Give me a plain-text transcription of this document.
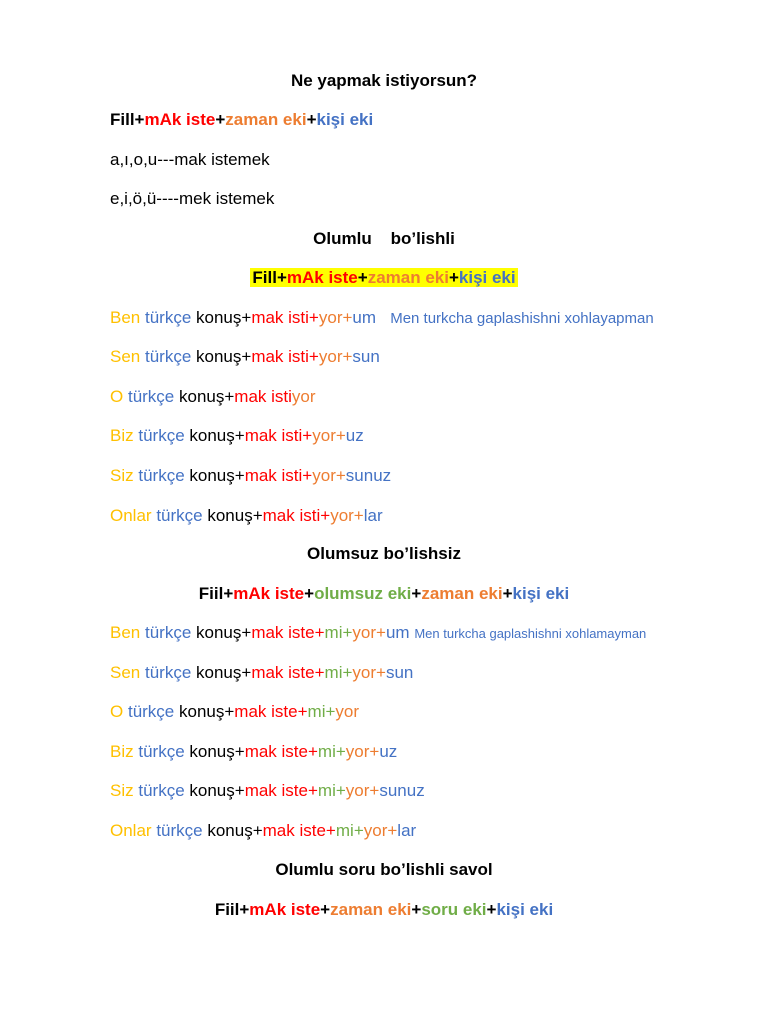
Ne yapmak istiyorsun?
Fill+mAk iste+zaman eki+kişi eki
a,ı,o,u---mak istemek
e,i,ö,ü----mek istemek
Olumlu    bo’lishli
Fill+mAk iste+zaman eki+kişi eki
Ben türkçe konuş+mak isti+yor+um Men turkcha gaplashishni xohlayapman
Sen türkçe konuş+mak isti+yor+sun
O türkçe konuş+mak istiyor
Biz türkçe konuş+mak isti+yor+uz
Siz türkçe konuş+mak isti+yor+sunuz
Onlar türkçe konuş+mak isti+yor+lar
Olumsuz bo’lishsiz
Fiil+mAk iste+olumsuz eki+zaman eki+kişi eki
Ben türkçe konuş+mak iste+mi+yor+um Men turkcha gaplashishni xohlamayman
Sen türkçe konuş+mak iste+mi+yor+sun
O türkçe konuş+mak iste+mi+yor
Biz türkçe konuş+mak iste+mi+yor+uz
Siz türkçe konuş+mak iste+mi+yor+sunuz
Onlar türkçe konuş+mak iste+mi+yor+lar
Olumlu soru bo’lishli savol
Fiil+mAk iste+zaman eki+soru eki+kişi eki
